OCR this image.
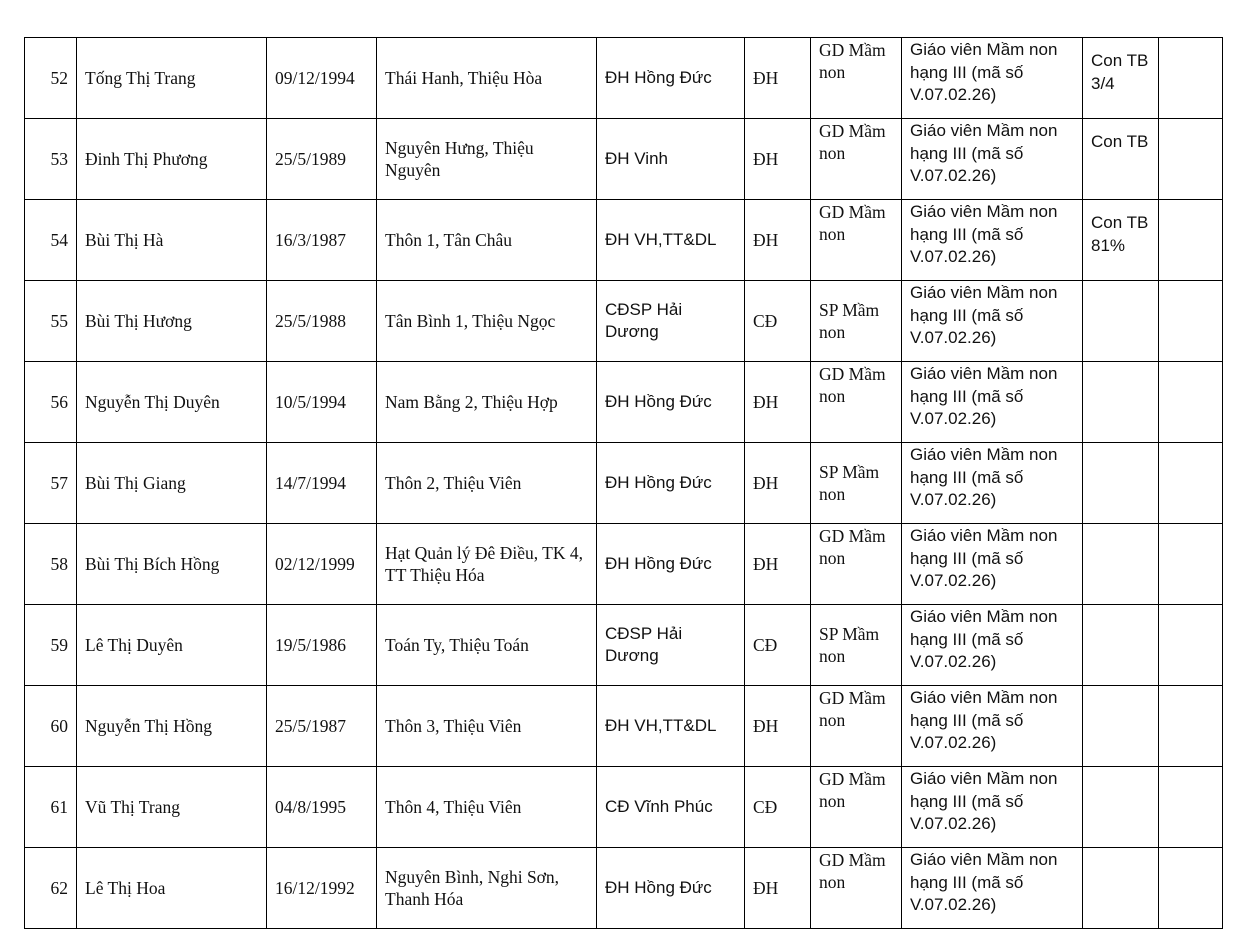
52	Tống Thị Trang	09/12/1994	Thái Hanh, Thiệu Hòa	ĐH Hồng Đức	ĐH	GD Mầm non	Giáo viên Mầm non hạng III (mã số V.07.02.26)	Con TB 3/4	
53	Đinh Thị Phương	25/5/1989	Nguyên Hưng, Thiệu Nguyên	ĐH Vinh	ĐH	GD Mầm non	Giáo viên Mầm non hạng III (mã số V.07.02.26)	Con TB	
54	Bùi Thị Hà	16/3/1987	Thôn 1, Tân Châu	ĐH VH,TT&DL	ĐH	GD Mầm non	Giáo viên Mầm non hạng III (mã số V.07.02.26)	Con TB 81%	
55	Bùi Thị Hương	25/5/1988	Tân Bình 1, Thiệu Ngọc	CĐSP Hải Dương	CĐ	SP Mầm non	Giáo viên Mầm non hạng III (mã số V.07.02.26)		
56	Nguyễn Thị Duyên	10/5/1994	Nam Bằng 2, Thiệu Hợp	ĐH Hồng Đức	ĐH	GD Mầm non	Giáo viên Mầm non hạng III (mã số V.07.02.26)		
57	Bùi Thị Giang	14/7/1994	Thôn 2, Thiệu Viên	ĐH Hồng Đức	ĐH	SP Mầm non	Giáo viên Mầm non hạng III (mã số V.07.02.26)		
58	Bùi Thị Bích Hồng	02/12/1999	Hạt Quản lý Đê Điều, TK 4, TT Thiệu Hóa	ĐH Hồng Đức	ĐH	GD Mầm non	Giáo viên Mầm non hạng III (mã số V.07.02.26)		
59	Lê Thị Duyên	19/5/1986	Toán Ty, Thiệu Toán	CĐSP Hải Dương	CĐ	SP Mầm non	Giáo viên Mầm non hạng III (mã số V.07.02.26)		
60	Nguyễn Thị Hồng	25/5/1987	Thôn 3, Thiệu Viên	ĐH VH,TT&DL	ĐH	GD Mầm non	Giáo viên Mầm non hạng III (mã số V.07.02.26)		
61	Vũ Thị Trang	04/8/1995	Thôn 4, Thiệu Viên	CĐ Vĩnh Phúc	CĐ	GD Mầm non	Giáo viên Mầm non hạng III (mã số V.07.02.26)		
62	Lê Thị Hoa	16/12/1992	Nguyên Bình, Nghi Sơn, Thanh Hóa	ĐH Hồng Đức	ĐH	GD Mầm non	Giáo viên Mầm non hạng III (mã số V.07.02.26)		
